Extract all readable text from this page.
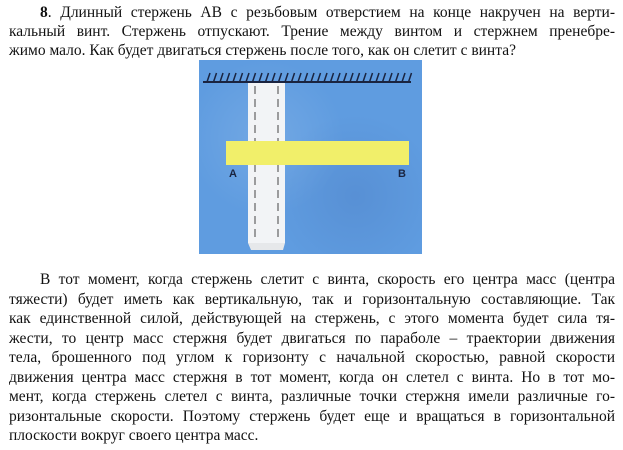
8. Длинный стержень AB с резьбовым отверстием на конце накручен на верти-
кальный винт. Стержень отпускают. Трение между винтом и стержнем пренебре-
жимо мало. Как будет двигаться стержень после того, как он слетит с винта?
A	B
В тот момент, когда стержень слетит с винта, скорость его центра масс (центра
тяжести) будет иметь как вертикальную, так и горизонтальную составляющие. Так
как единственной силой, действующей на стержень, с этого момента будет сила тя-
жести, то центр масс стержня будет двигаться по параболе – траектории движения
тела, брошенного под углом к горизонту с начальной скоростью, равной скорости
движения центра масс стержня в тот момент, когда он слетел с винта. Но в тот мо-
мент, когда стержень слетел с винта, различные точки стержня имели различные го-
ризонтальные скорости. Поэтому стержень будет еще и вращаться в горизонтальной
плоскости вокруг своего центра масс.
